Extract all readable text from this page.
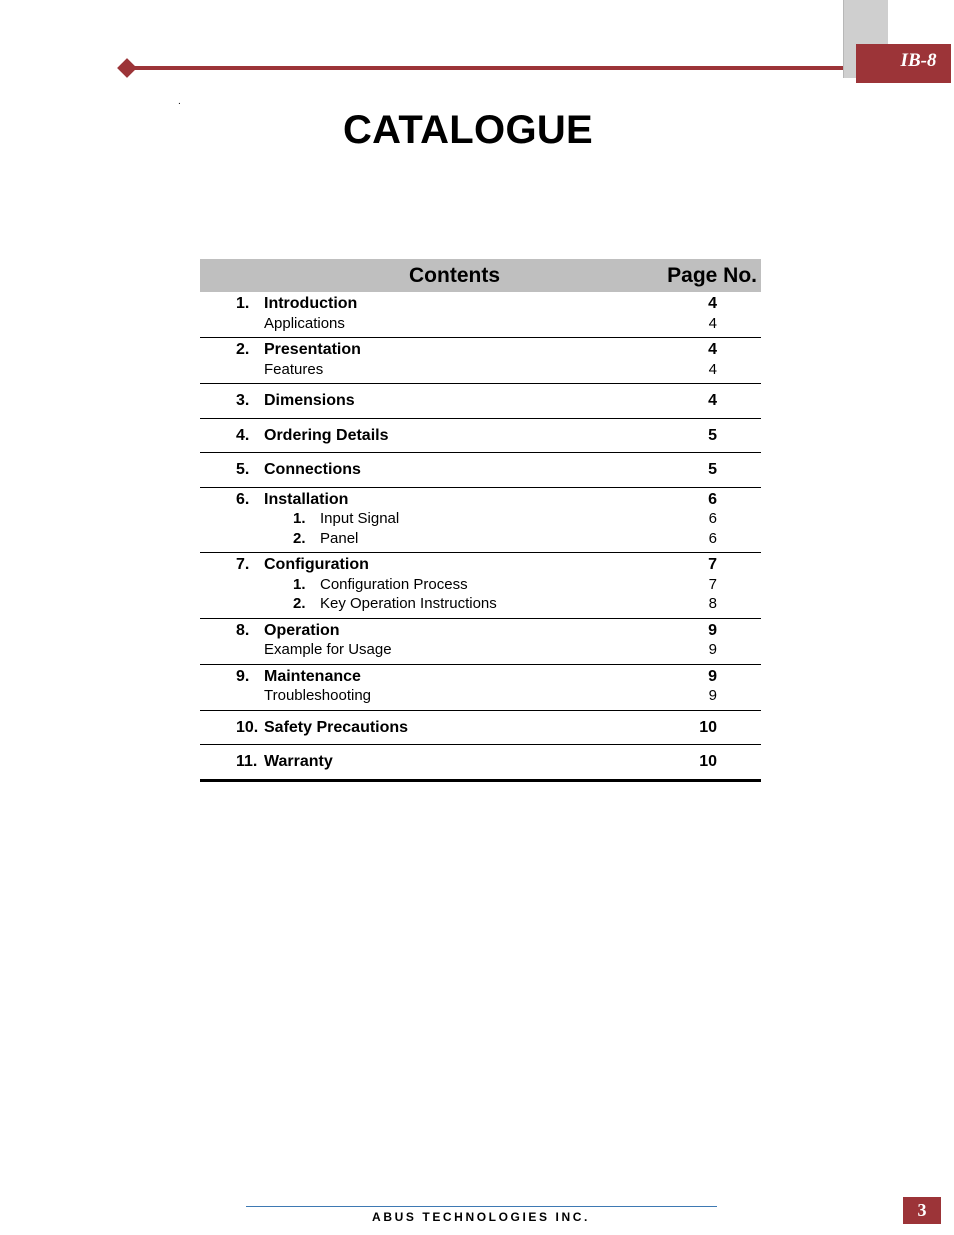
IB-8
.
CATALOGUE
Contents	Page No.
1. Introduction	4
Applications	4
2. Presentation	4
Features	4
3. Dimensions	4
4. Ordering Details	5
5. Connections	5
6. Installation	6
1. Input Signal	6
2. Panel	6
7. Configuration	7
1. Configuration Process	7
2. Key Operation Instructions	8
8. Operation	9
Example for Usage	9
9. Maintenance	9
Troubleshooting	9
10. Safety Precautions	10
11. Warranty	10
ABUS TECHNOLOGIES INC.	3
